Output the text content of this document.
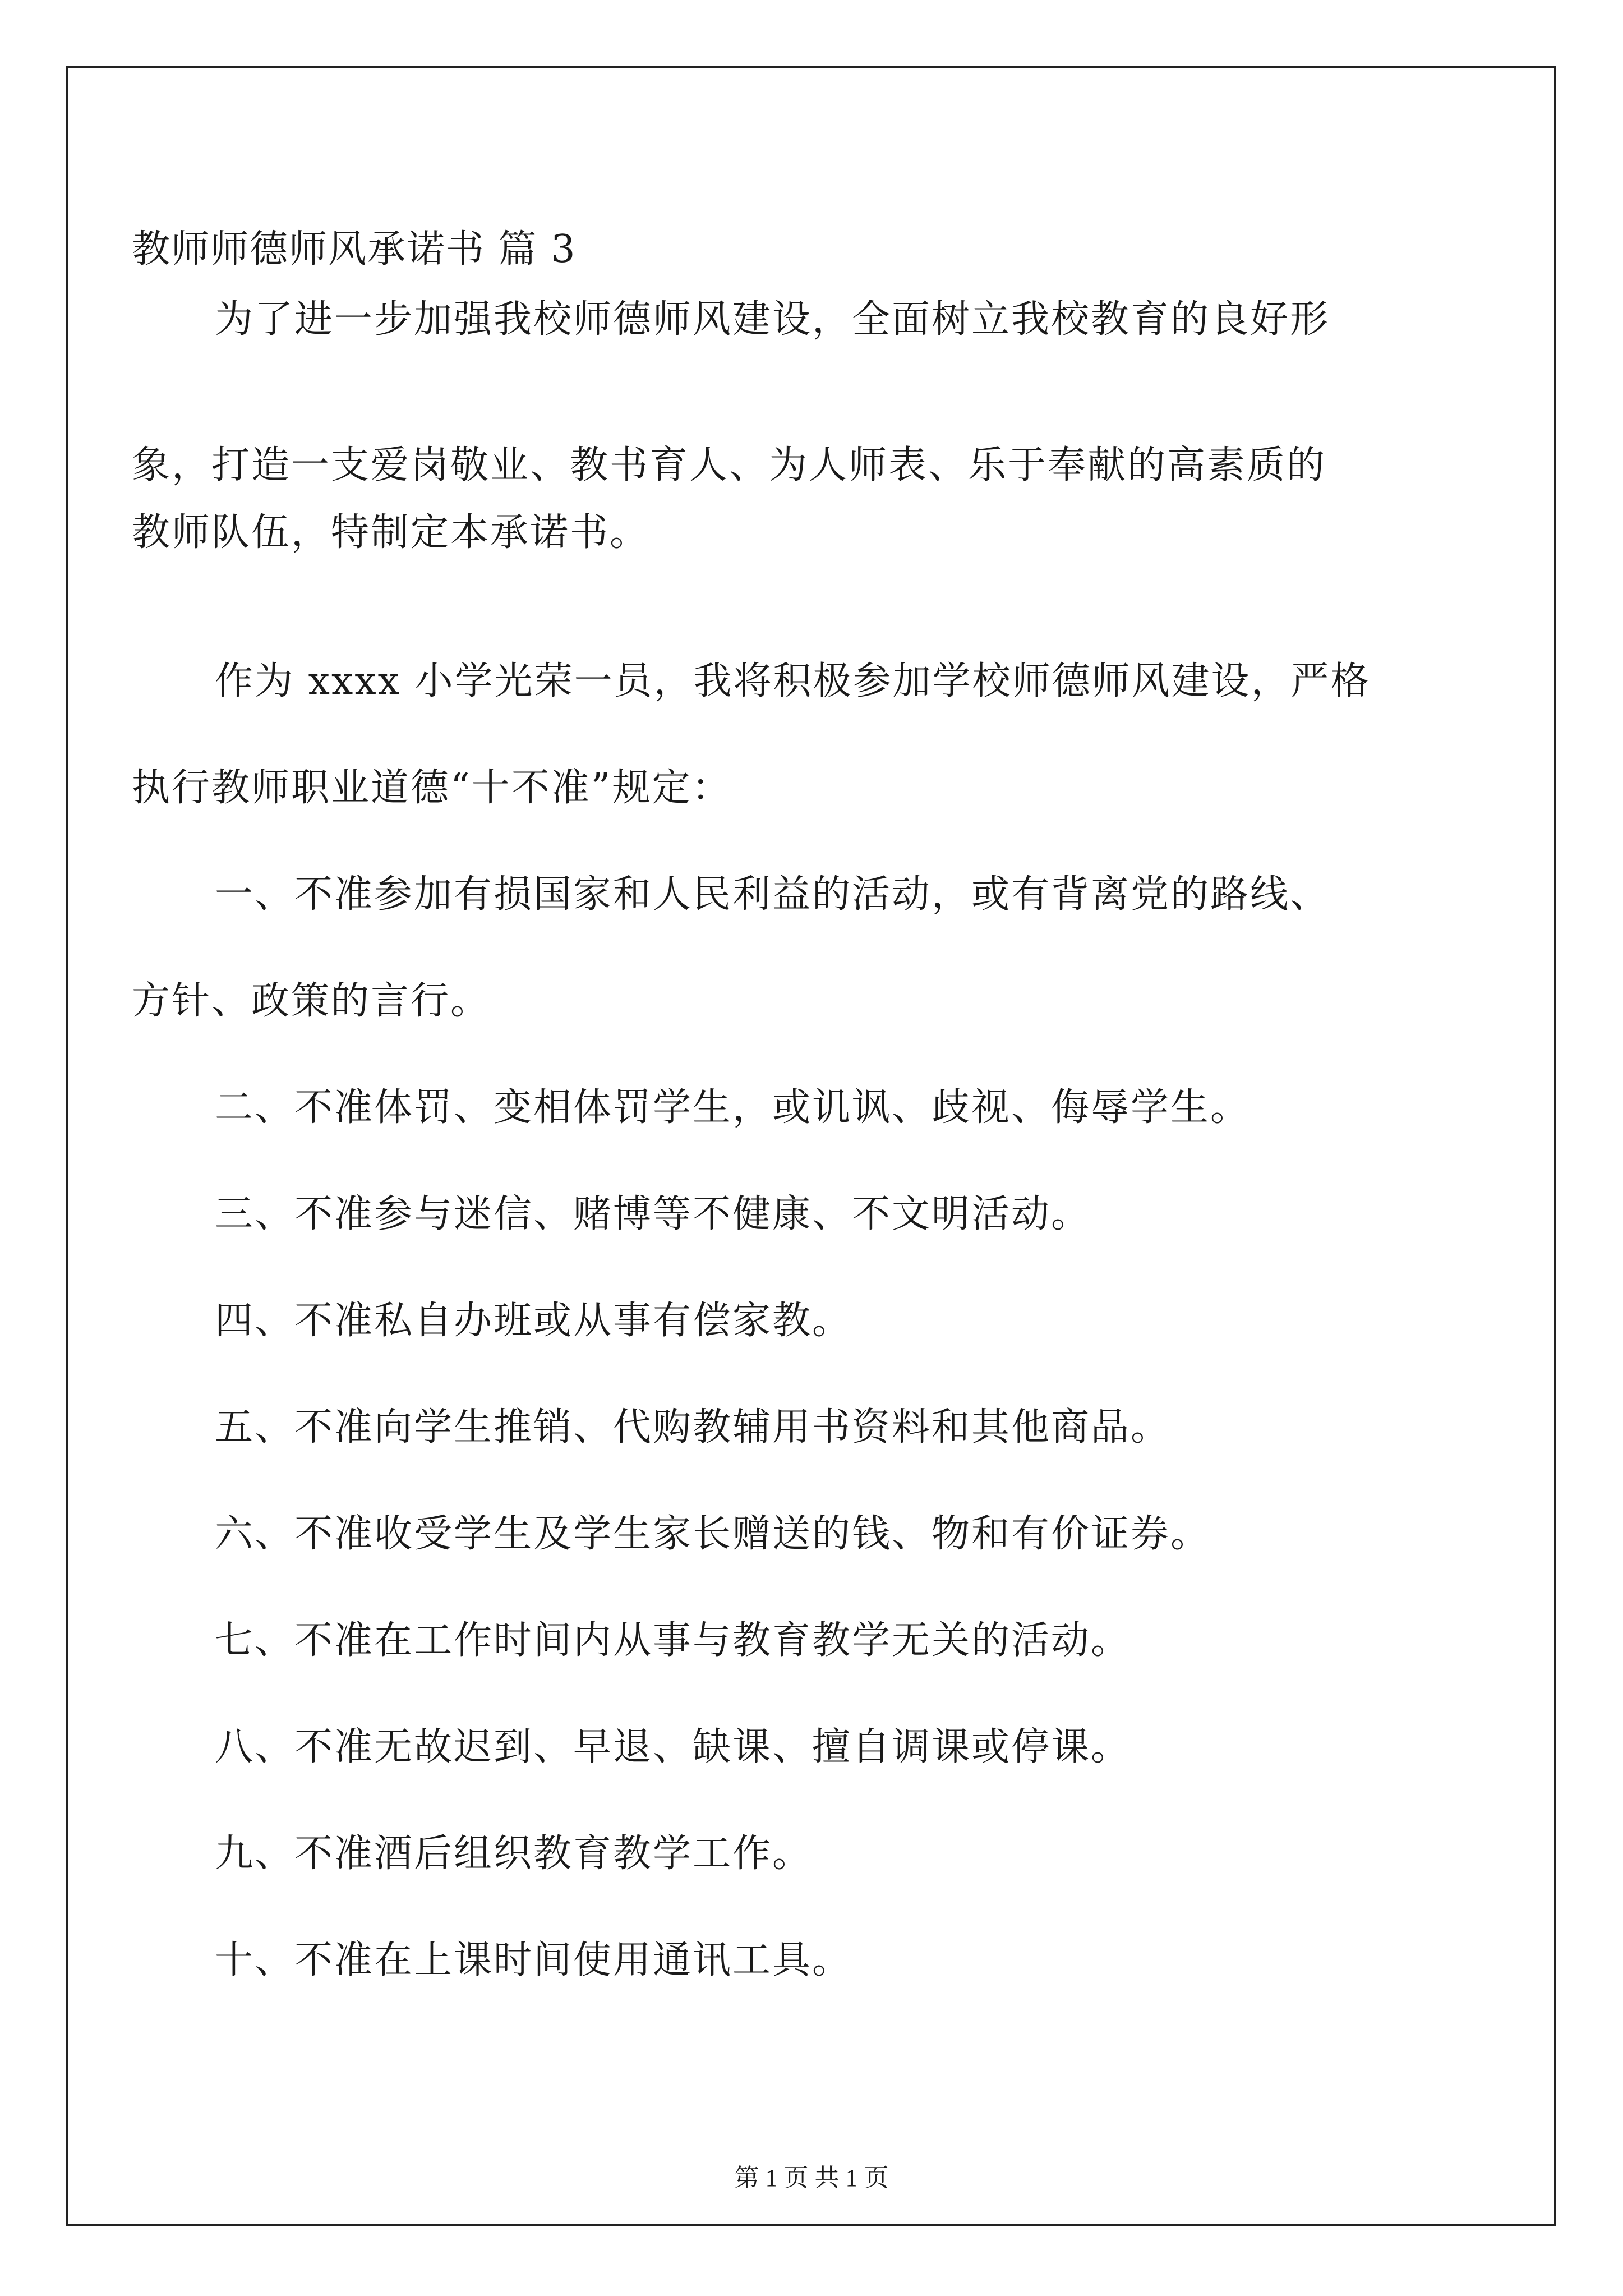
教师师德师风承诺书 篇 3
为了进一步加强我校师德师风建设，全面树立我校教育的良好形
象，打造一支爱岗敬业、教书育人、为人师表、乐于奉献的高素质的
教师队伍，特制定本承诺书。
作为 xxxx 小学光荣一员，我将积极参加学校师德师风建设，严格
执行教师职业道德“十不准”规定：
一、不准参加有损国家和人民利益的活动，或有背离党的路线、
方针、政策的言行。
二、不准体罚、变相体罚学生，或讥讽、歧视、侮辱学生。
三、不准参与迷信、赌博等不健康、不文明活动。
四、不准私自办班或从事有偿家教。
五、不准向学生推销、代购教辅用书资料和其他商品。
六、不准收受学生及学生家长赠送的钱、物和有价证券。
七、不准在工作时间内从事与教育教学无关的活动。
八、不准无故迟到、早退、缺课、擅自调课或停课。
九、不准酒后组织教育教学工作。
十、不准在上课时间使用通讯工具。
第 1 页 共 1 页
